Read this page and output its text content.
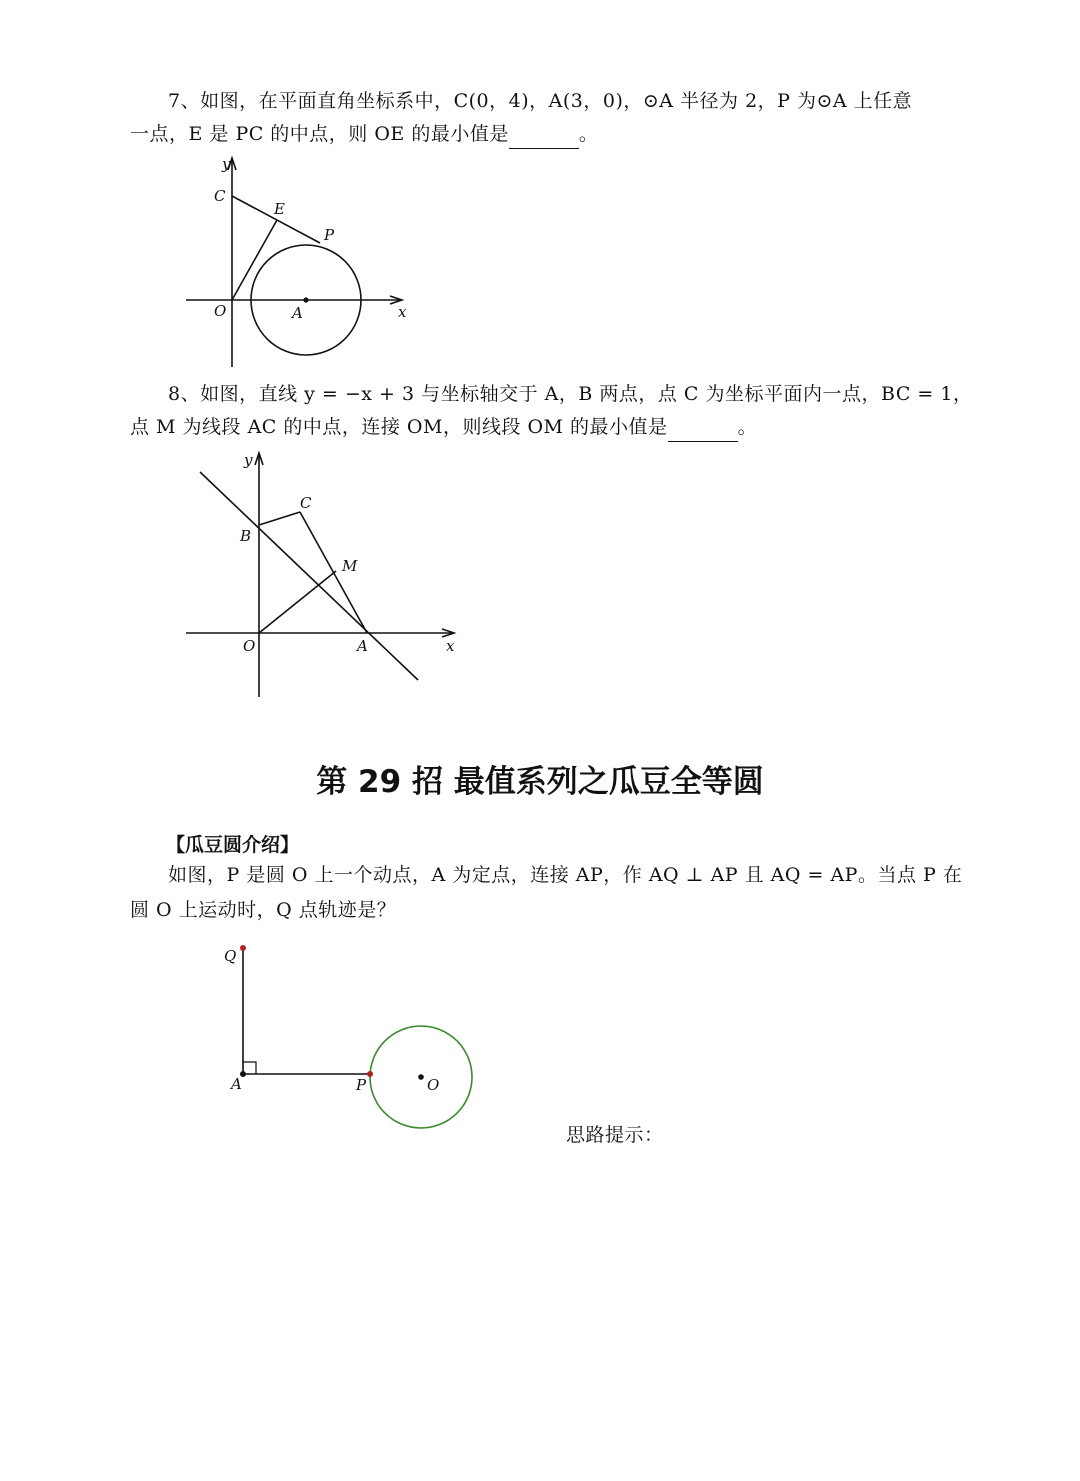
7、如图，在平面直角坐标系中，C(0，4)，A(3，0)，⊙A 半径为 2，P 为⊙A 上任意
一点，E 是 PC 的中点，则 OE 的最小值是	。
y
C
E
P
O	A	x
8、如图，直线 y = −x + 3 与坐标轴交于 A，B 两点，点 C 为坐标平面内一点，BC = 1，
点 M 为线段 AC 的中点，连接 OM，则线段 OM 的最小值是	。
y
B
C
M
O	A	x
第 29 招 最值系列之瓜豆全等圆
【瓜豆圆介绍】
如图，P 是圆 O 上一个动点，A 为定点，连接 AP，作 AQ ⊥ AP 且 AQ = AP。当点 P 在
圆 O 上运动时，Q 点轨迹是？
Q
A	P	O
思路提示：
